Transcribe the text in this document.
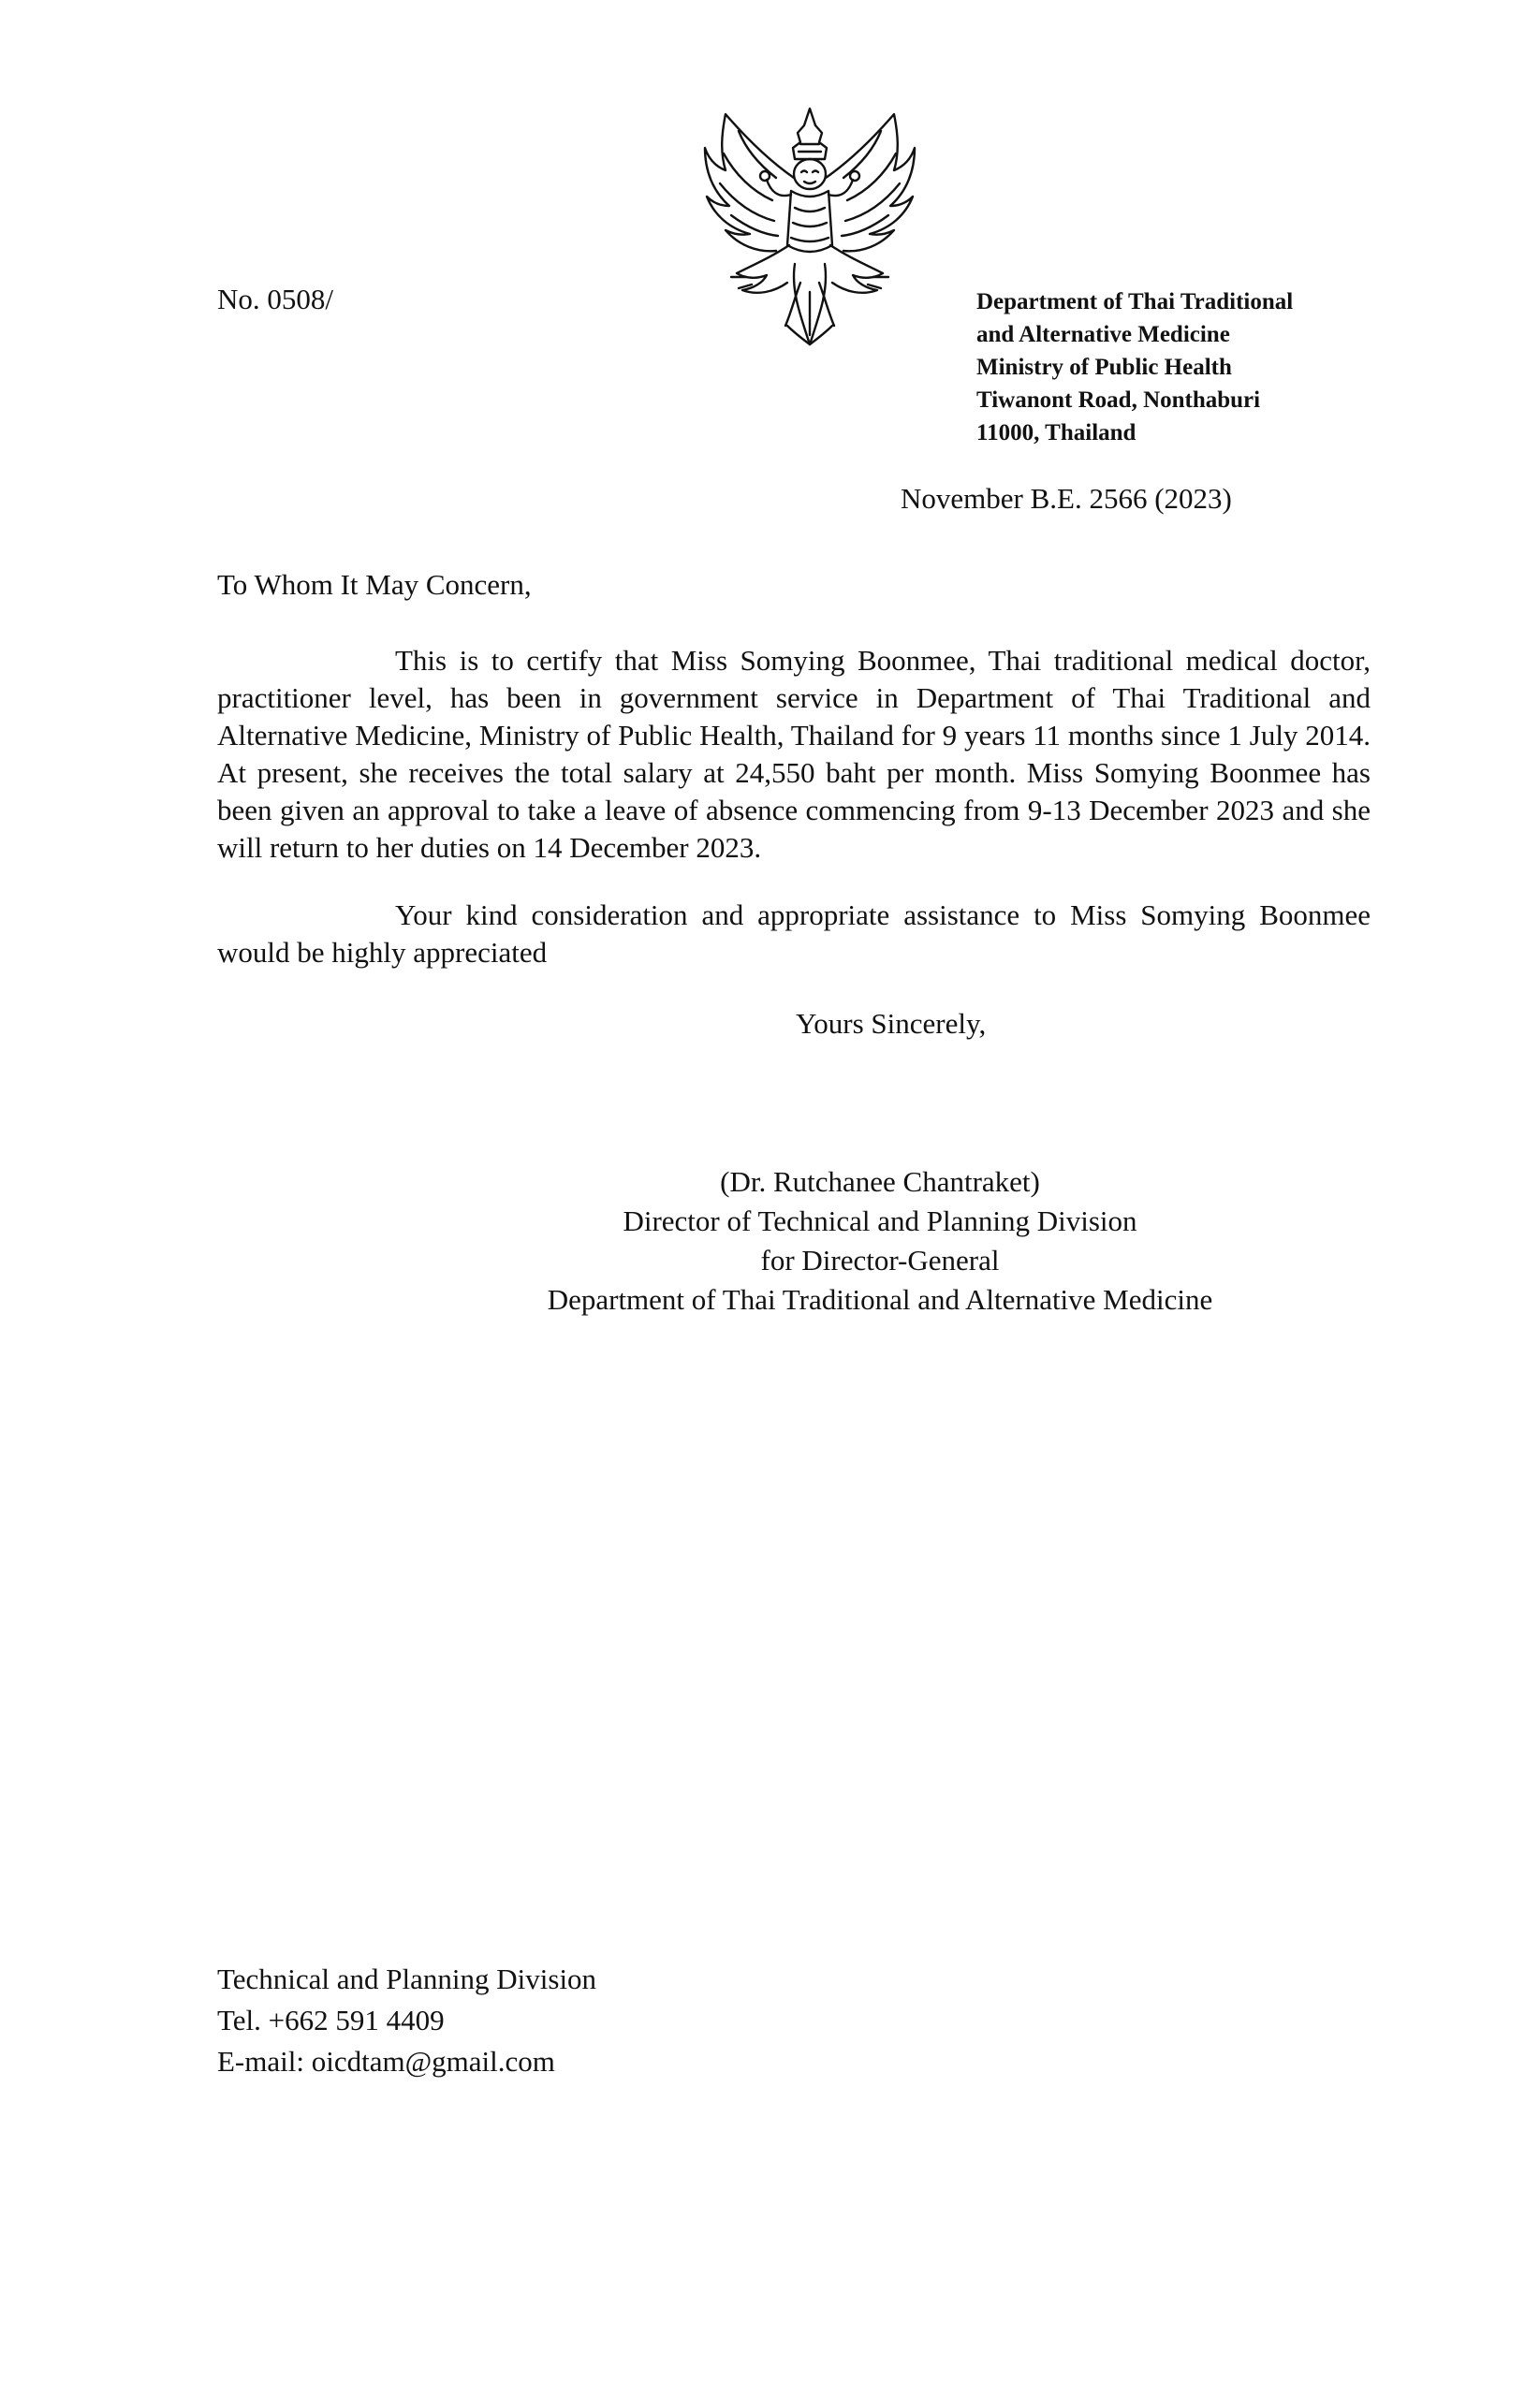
No. 0508/	Department of Thai Traditional
and Alternative Medicine
Ministry of Public Health
Tiwanont Road, Nonthaburi
11000, Thailand
November B.E. 2566 (2023)
To Whom It May Concern,

This is to certify that Miss Somying Boonmee, Thai traditional medical doctor, practitioner level, has been in government service in Department of Thai Traditional and Alternative Medicine, Ministry of Public Health, Thailand for 9 years 11 months since 1 July 2014. At present, she receives the total salary at 24,550 baht per month. Miss Somying Boonmee has been given an approval to take a leave of absence commencing from 9-13 December 2023 and she will return to her duties on 14 December 2023.

Your kind consideration and appropriate assistance to Miss Somying Boonmee would be highly appreciated

Yours Sincerely,
(Dr. Rutchanee Chantraket)
Director of Technical and Planning Division
for Director-General
Department of Thai Traditional and Alternative Medicine
Technical and Planning Division
Tel. +662 591 4409
E-mail: oicdtam@gmail.com
